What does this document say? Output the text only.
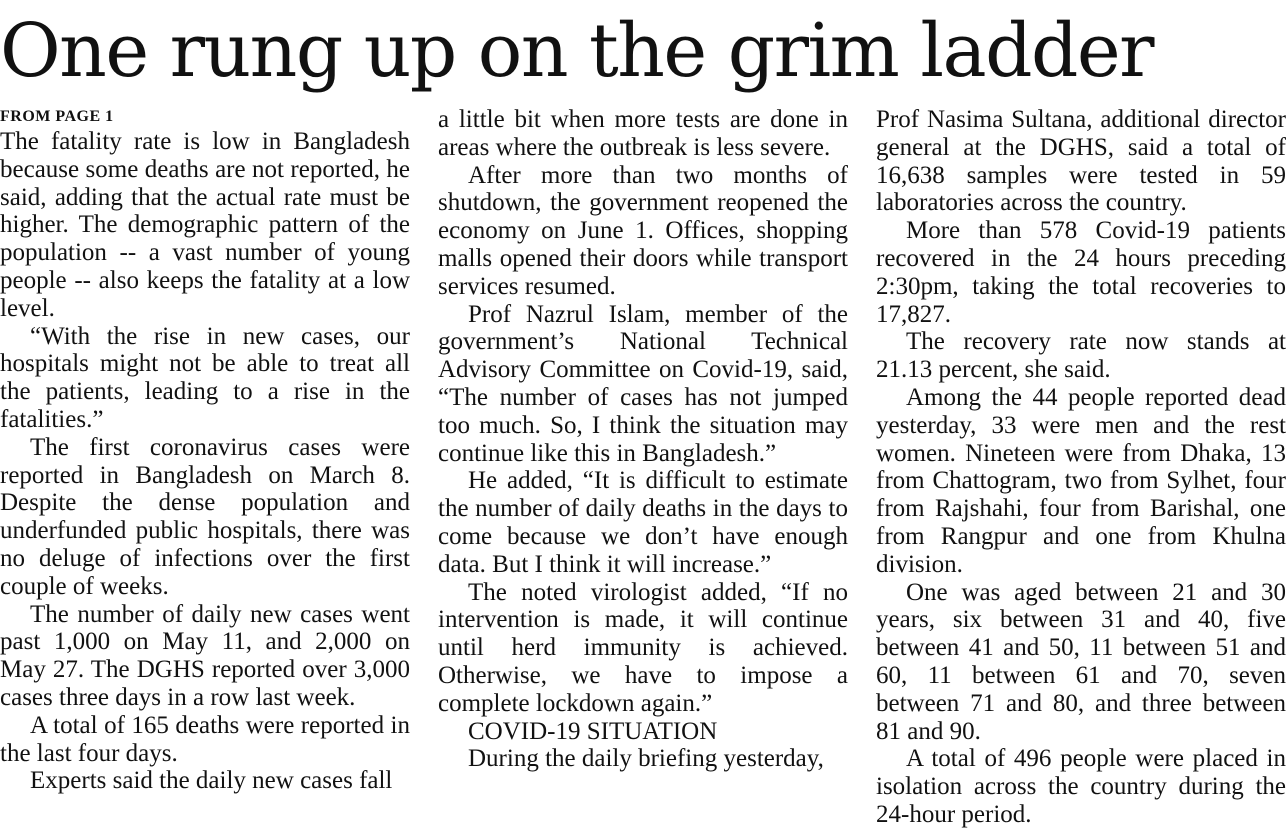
One rung up on the grim ladder

FROM PAGE 1

The fatality rate is low in Bangladesh because some deaths are not reported, he said, adding that the actual rate must be higher. The demographic pattern of the population -- a vast number of young people -- also keeps the fatality at a low level.

“With the rise in new cases, our hospitals might not be able to treat all the patients, leading to a rise in the fatalities.”

The first coronavirus cases were reported in Bangladesh on March 8. Despite the dense population and underfunded public hospitals, there was no deluge of infections over the first couple of weeks.

The number of daily new cases went past 1,000 on May 11, and 2,000 on May 27. The DGHS reported over 3,000 cases three days in a row last week.

A total of 165 deaths were reported in the last four days.

Experts said the daily new cases fall

a little bit when more tests are done in areas where the outbreak is less severe.

After more than two months of shutdown, the government reopened the economy on June 1. Offices, shopping malls opened their doors while transport services resumed.

Prof Nazrul Islam, member of the government’s National Technical Advisory Committee on Covid-19, said, “The number of cases has not jumped too much. So, I think the situation may continue like this in Bangladesh.”

He added, “It is difficult to estimate the number of daily deaths in the days to come because we don’t have enough data. But I think it will increase.”

The noted virologist added, “If no intervention is made, it will continue until herd immunity is achieved. Otherwise, we have to impose a complete lockdown again.”

COVID-19 SITUATION

During the daily briefing yesterday,

Prof Nasima Sultana, additional director general at the DGHS, said a total of 16,638 samples were tested in 59 laboratories across the country.

More than 578 Covid-19 patients recovered in the 24 hours preceding 2:30pm, taking the total recoveries to 17,827.

The recovery rate now stands at 21.13 percent, she said.

Among the 44 people reported dead yesterday, 33 were men and the rest women. Nineteen were from Dhaka, 13 from Chattogram, two from Sylhet, four from Rajshahi, four from Barishal, one from Rangpur and one from Khulna division.

One was aged between 21 and 30 years, six between 31 and 40, five between 41 and 50, 11 between 51 and 60, 11 between 61 and 70, seven between 71 and 80, and three between 81 and 90.

A total of 496 people were placed in isolation across the country during the 24-hour period.
